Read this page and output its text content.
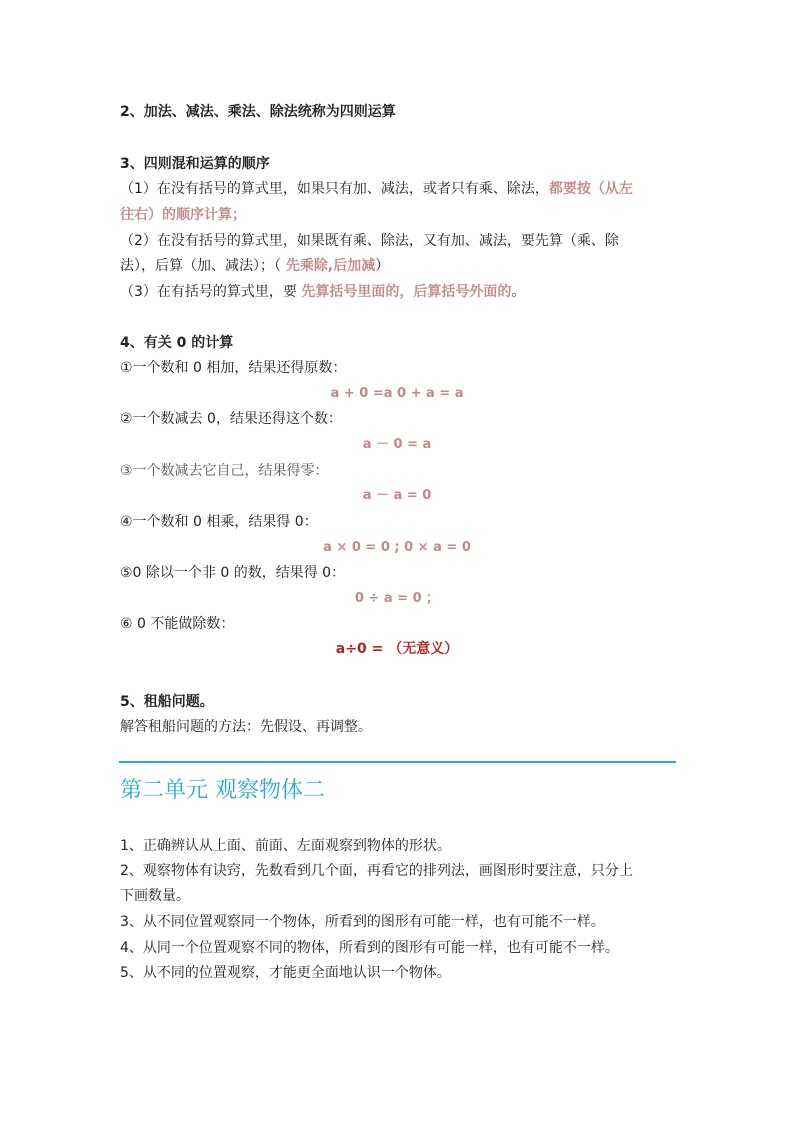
2、加法、减法、乘法、除法统称为四则运算
3、四则混和运算的顺序
（1）在没有括号的算式里，如果只有加、减法，或者只有乘、除法，都要按（从左
往右）的顺序计算；
（2）在没有括号的算式里，如果既有乘、除法，又有加、减法，要先算（乘、除
法），后算（加、减法）；（ 先乘除,后加减）
（3）在有括号的算式里，要 先算括号里面的，后算括号外面的。
4、有关 0 的计算
①一个数和 0 相加，结果还得原数：
a + 0 =a 0 + a = a
②一个数减去 0，结果还得这个数：
a － 0 = a
③一个数减去它自己，结果得零：
a － a = 0
④一个数和 0 相乘，结果得 0：
a × 0 = 0 ; 0 × a = 0
⑤0 除以一个非 0 的数，结果得 0：
0 ÷ a = 0 ；
⑥ 0 不能做除数：
a÷0 = （无意义）
5、租船问题。
解答租船问题的方法：先假设、再调整。
第二单元 观察物体二
1、正确辨认从上面、前面、左面观察到物体的形状。
2、观察物体有诀窍，先数看到几个面，再看它的排列法，画图形时要注意，只分上
下画数量。
3、从不同位置观察同一个物体，所看到的图形有可能一样，也有可能不一样。
4、从同一个位置观察不同的物体，所看到的图形有可能一样，也有可能不一样。
5、从不同的位置观察，才能更全面地认识一个物体。
